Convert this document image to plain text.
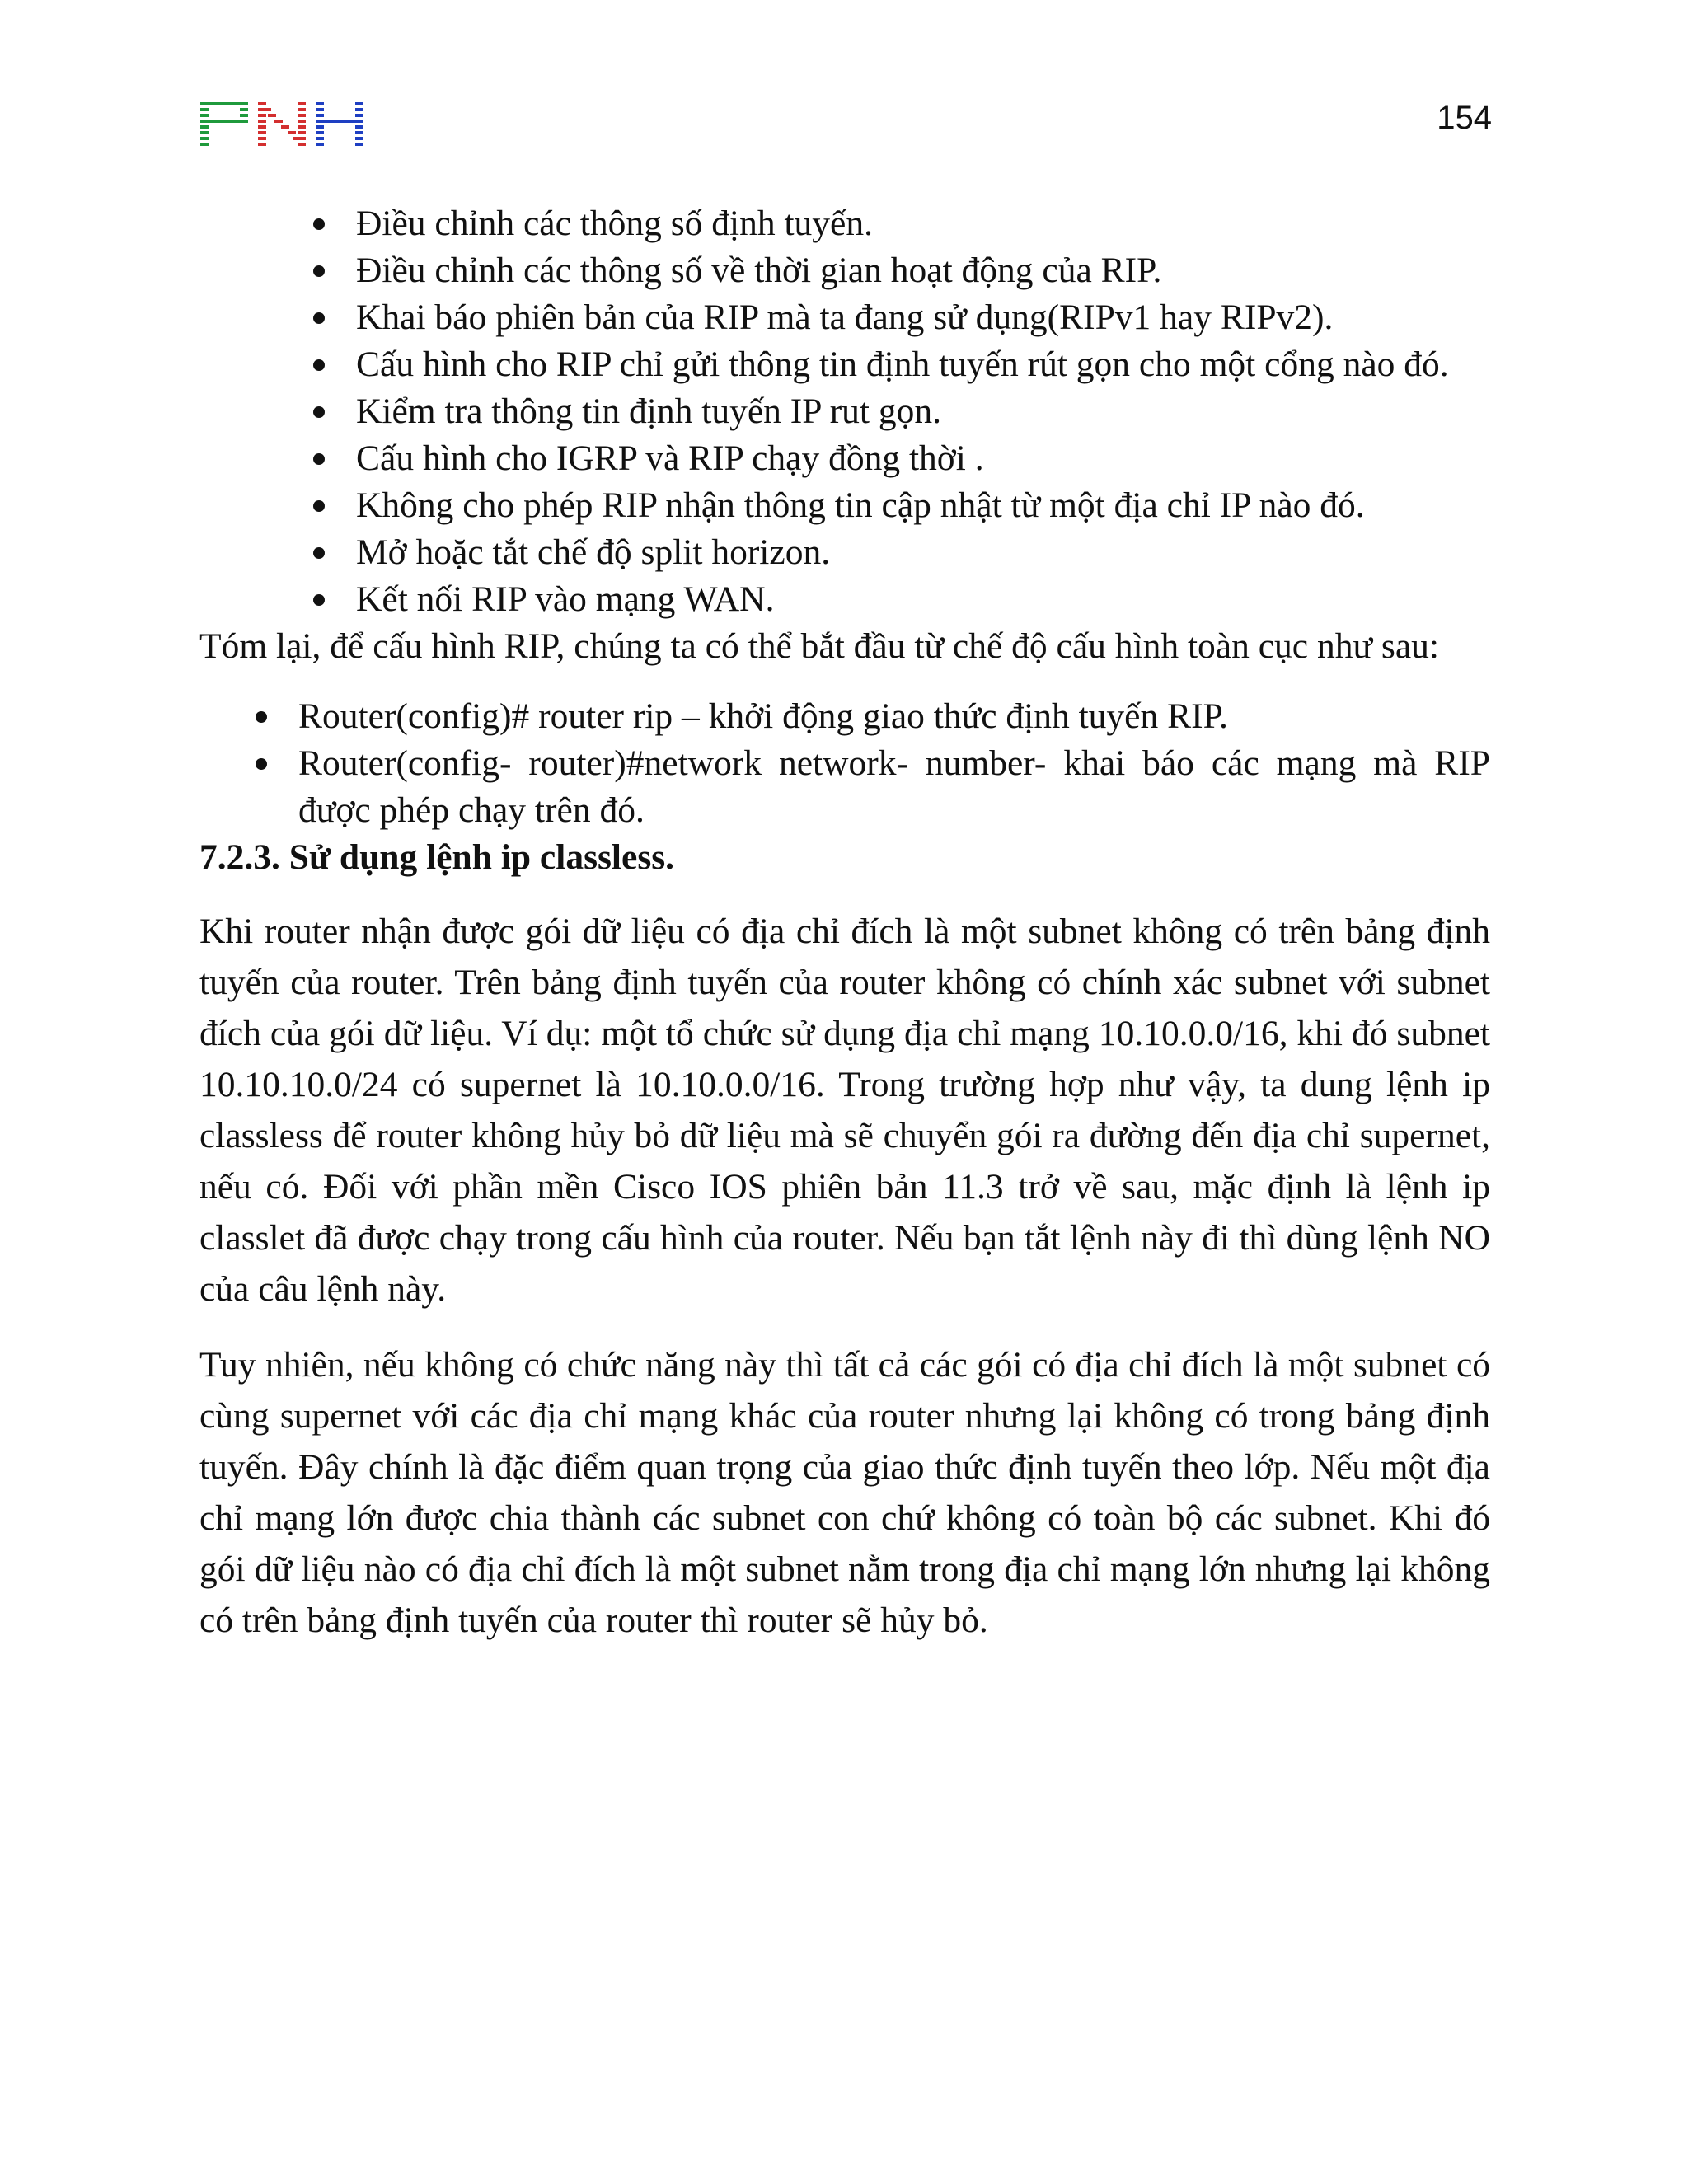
154
Điều chỉnh các thông số định tuyến.
Điều chỉnh các thông số về thời gian hoạt động của RIP.
Khai báo phiên bản của RIP mà ta đang sử dụng(RIPv1 hay RIPv2).
Cấu hình cho RIP chỉ gửi thông tin định tuyến rút gọn cho một cổng nào đó.
Kiểm tra thông tin định tuyến IP rut gọn.
Cấu hình cho IGRP và RIP chạy đồng thời .
Không cho phép RIP nhận thông tin cập nhật từ một địa chỉ IP nào đó.
Mở hoặc tắt chế độ split horizon.
Kết nối RIP vào mạng WAN.

Tóm lại, để cấu hình RIP, chúng ta có thể bắt đầu từ chế độ cấu hình toàn cục như sau:

Router(config)# router rip – khởi động giao thức định tuyến RIP.
Router(config- router)#network network- number- khai báo các mạng mà RIP được phép chạy trên đó.

7.2.3. Sử dụng lệnh ip classless.

Khi router nhận được gói dữ liệu có địa chỉ đích là một subnet không có trên bảng định tuyến của router. Trên bảng định tuyến của router không có chính xác subnet với subnet đích của gói dữ liệu. Ví dụ: một tổ chức sử dụng địa chỉ mạng 10.10.0.0/16, khi đó subnet 10.10.10.0/24 có supernet là 10.10.0.0/16. Trong trường hợp như vậy, ta dung lệnh ip classless để router không hủy bỏ dữ liệu mà sẽ chuyển gói ra đường đến địa chỉ supernet, nếu có. Đối với phần mền Cisco IOS phiên bản 11.3 trở về sau, mặc định là lệnh ip classlet đã được chạy trong cấu hình của router. Nếu bạn tắt lệnh này đi thì dùng lệnh NO của câu lệnh này.

Tuy nhiên, nếu không có chức năng này thì tất cả các gói có địa chỉ đích là một subnet có cùng supernet với các địa chỉ mạng khác của router nhưng lại không có trong bảng định tuyến. Đây chính là đặc điểm quan trọng của giao thức định tuyến theo lớp. Nếu một địa chỉ mạng lớn được chia thành các subnet con chứ không có toàn bộ các subnet. Khi đó gói dữ liệu nào có địa chỉ đích là một subnet nằm trong địa chỉ mạng lớn nhưng lại không có trên bảng định tuyến của router thì router sẽ hủy bỏ.
